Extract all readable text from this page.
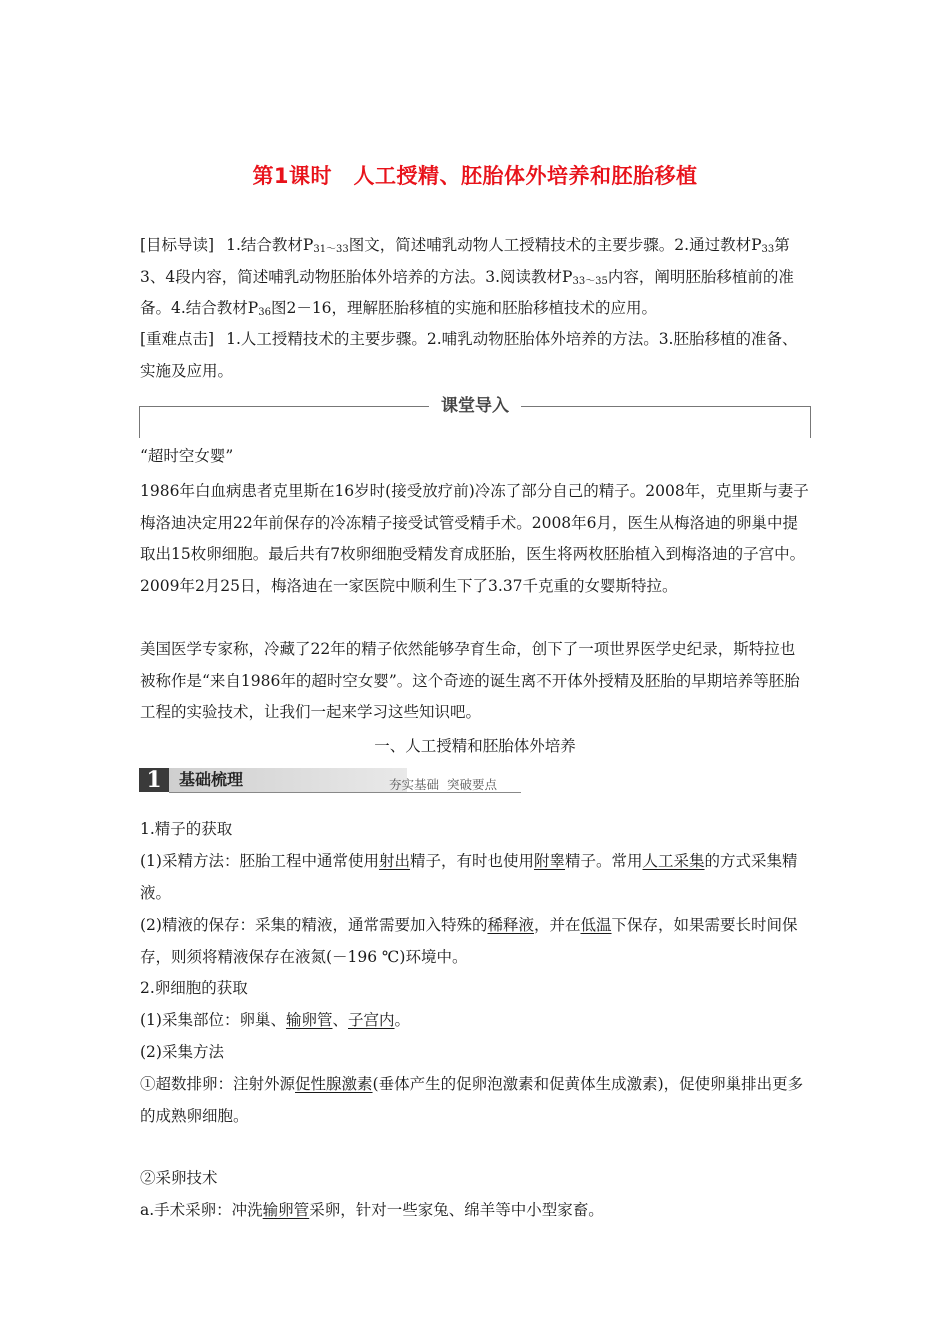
第1课时　人工授精、胚胎体外培养和胚胎移植
[目标导读] 1.结合教材$P_{31\sim 33}$图文，简述哺乳动物人工授精技术的主要步骤。2.通过教材$P_{33}$第3、4段内容，简述哺乳动物胚胎体外培养的方法。3.阅读教材$P_{33\sim 35}$内容，阐明胚胎移植前的准备。4.结合教材$P_{36}$图2－16，理解胚胎移植的实施和胚胎移植技术的应用。
[重难点击] 1.人工授精技术的主要步骤。2.哺乳动物胚胎体外培养的方法。3.胚胎移植的准备、实施及应用。
课堂导入
“超时空女婴”
1986年白血病患者克里斯在16岁时(接受放疗前)冷冻了部分自己的精子。2008年，克里斯与妻子梅洛迪决定用22年前保存的冷冻精子接受试管受精手术。2008年6月，医生从梅洛迪的卵巢中提取出15枚卵细胞。最后共有7枚卵细胞受精发育成胚胎，医生将两枚胚胎植入到梅洛迪的子宫中。2009年2月25日，梅洛迪在一家医院中顺利生下了3.37千克重的女婴斯特拉。
美国医学专家称，冷藏了22年的精子依然能够孕育生命，创下了一项世界医学史纪录，斯特拉也被称作是“来自1986年的超时空女婴”。这个奇迹的诞生离不开体外授精及胚胎的早期培养等胚胎工程的实验技术，让我们一起来学习这些知识吧。
一、人工授精和胚胎体外培养
1	基础梳理	夯实基础  突破要点
1.精子的获取
(1)采精方法：胚胎工程中通常使用射出精子，有时也使用附睾精子。常用人工采集的方式采集精液。
(2)精液的保存：采集的精液，通常需要加入特殊的稀释液，并在低温下保存，如果需要长时间保存，则须将精液保存在液氮(－196 ℃)环境中。
2.卵细胞的获取
(1)采集部位：卵巢、输卵管、子宫内。
(2)采集方法
①超数排卵：注射外源促性腺激素(垂体产生的促卵泡激素和促黄体生成激素)，促使卵巢排出更多的成熟卵细胞。
②采卵技术
a.手术采卵：冲洗输卵管采卵，针对一些家兔、绵羊等中小型家畜。
